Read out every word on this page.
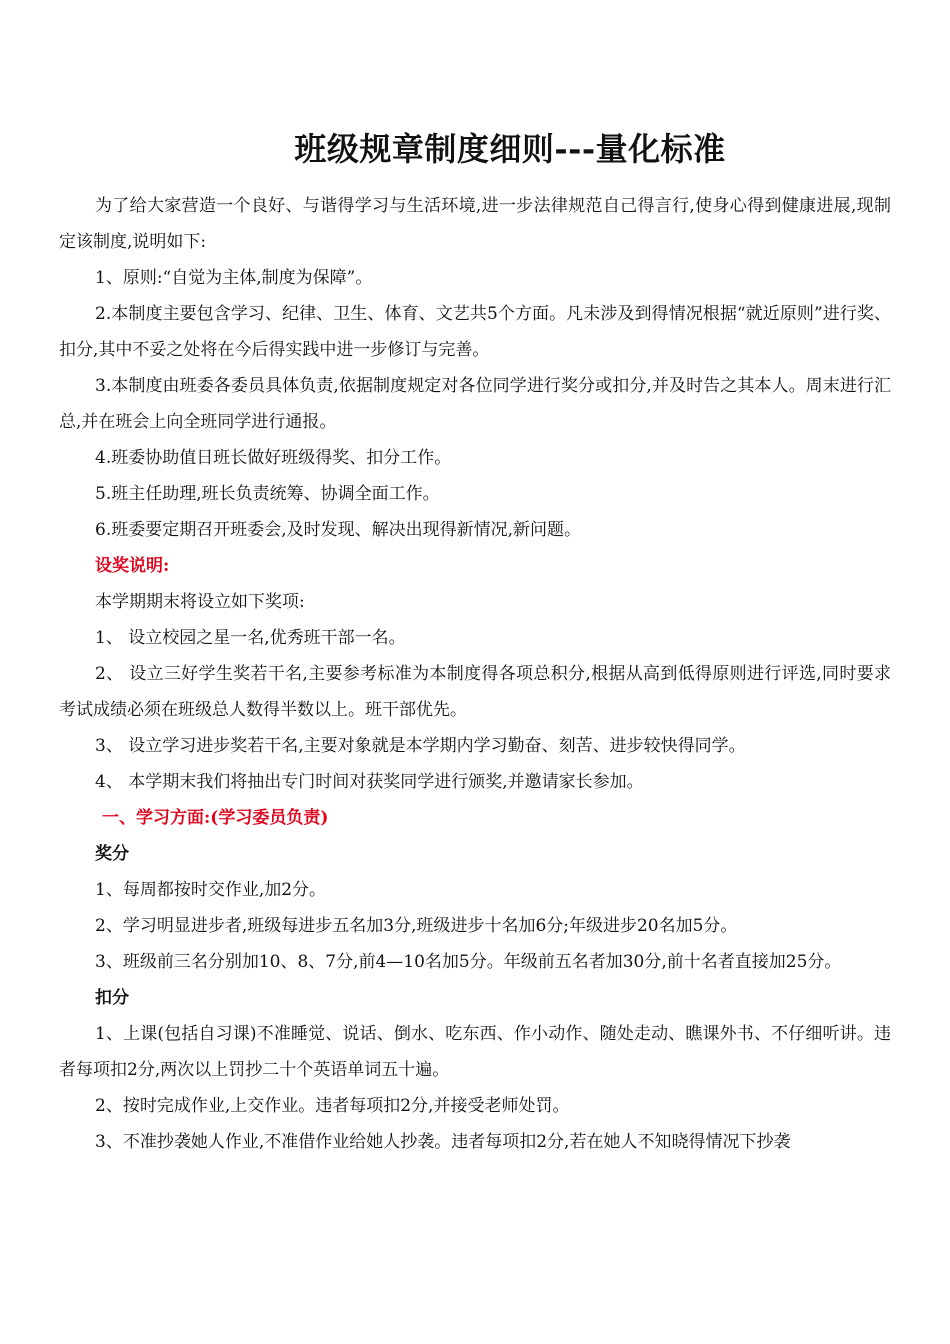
班级规章制度细则---量化标准

为了给大家营造一个良好、与谐得学习与生活环境,进一步法律规范自己得言行,使身心得到健康进展,现制定该制度,说明如下:

1、原则:“自觉为主体,制度为保障”。

2.本制度主要包含学习、纪律、卫生、体育、文艺共5个方面。凡未涉及到得情况根据“就近原则”进行奖、扣分,其中不妥之处将在今后得实践中进一步修订与完善。

3.本制度由班委各委员具体负责,依据制度规定对各位同学进行奖分或扣分,并及时告之其本人。周末进行汇总,并在班会上向全班同学进行通报。

4.班委协助值日班长做好班级得奖、扣分工作。

5.班主任助理,班长负责统筹、协调全面工作。

6.班委要定期召开班委会,及时发现、解决出现得新情况,新问题。

设奖说明:

本学期期末将设立如下奖项:

1、 设立校园之星一名,优秀班干部一名。

2、 设立三好学生奖若干名,主要参考标准为本制度得各项总积分,根据从高到低得原则进行评选,同时要求考试成绩必须在班级总人数得半数以上。班干部优先。

3、 设立学习进步奖若干名,主要对象就是本学期内学习勤奋、刻苦、进步较快得同学。

4、 本学期末我们将抽出专门时间对获奖同学进行颁奖,并邀请家长参加。

一、学习方面:(学习委员负责)

奖分

1、每周都按时交作业,加2分。

2、学习明显进步者,班级每进步五名加3分,班级进步十名加6分;年级进步20名加5分。

3、班级前三名分别加10、8、7分,前4—10名加5分。年级前五名者加30分,前十名者直接加25分。

扣分

1、上课(包括自习课)不准睡觉、说话、倒水、吃东西、作小动作、随处走动、瞧课外书、不仔细听讲。违者每项扣2分,两次以上罚抄二十个英语单词五十遍。

2、按时完成作业,上交作业。违者每项扣2分,并接受老师处罚。

3、不准抄袭她人作业,不准借作业给她人抄袭。违者每项扣2分,若在她人不知晓得情况下抄袭
